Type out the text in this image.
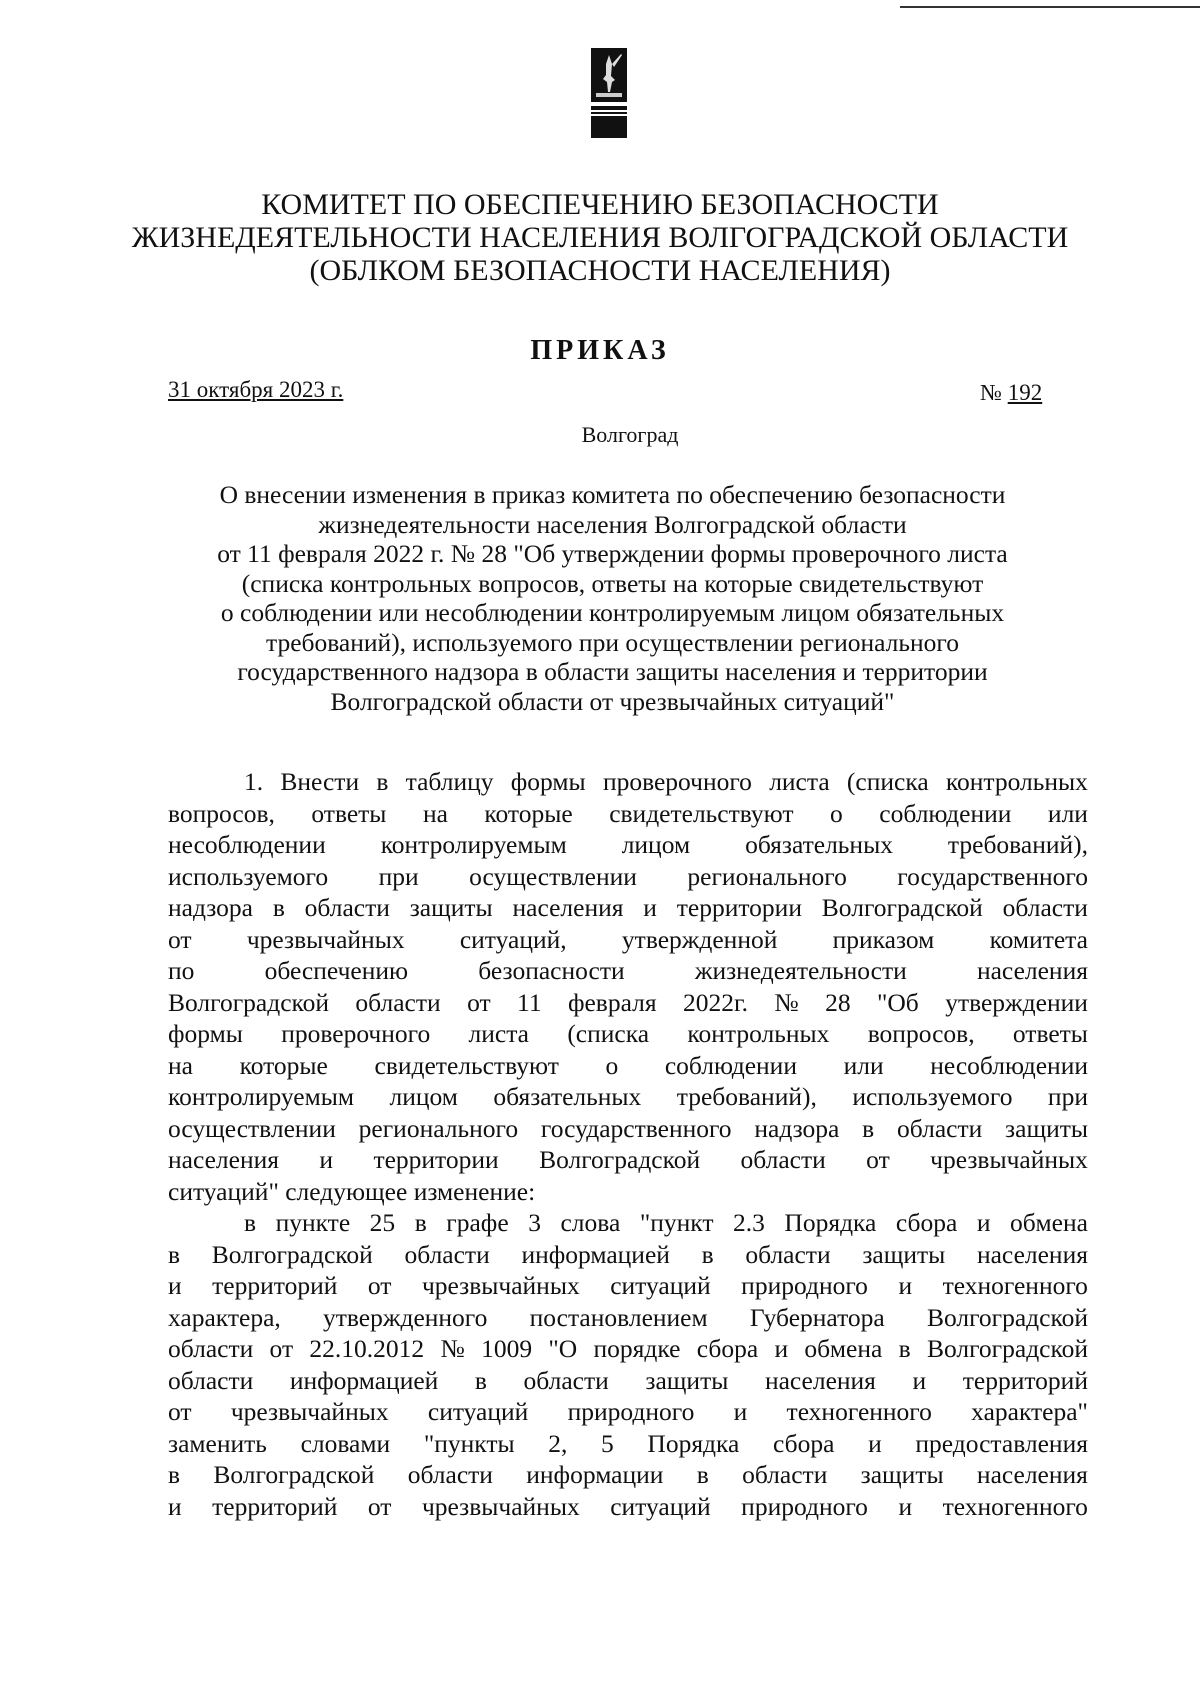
КОМИТЕТ ПО ОБЕСПЕЧЕНИЮ БЕЗОПАСНОСТИ
ЖИЗНЕДЕЯТЕЛЬНОСТИ НАСЕЛЕНИЯ ВОЛГОГРАДСКОЙ ОБЛАСТИ
(ОБЛКОМ БЕЗОПАСНОСТИ НАСЕЛЕНИЯ)
ПРИКАЗ
31 октября 2023 г.	№ 192
Волгоград
О внесении изменения в приказ комитета по обеспечению безопасности
жизнедеятельности населения Волгоградской области
от 11 февраля 2022 г. № 28 "Об утверждении формы проверочного листа
(списка контрольных вопросов, ответы на которые свидетельствуют
о соблюдении или несоблюдении контролируемым лицом обязательных
требований), используемого при осуществлении регионального
государственного надзора в области защиты населения и территории
Волгоградской области от чрезвычайных ситуаций"
1. Внести в таблицу формы проверочного листа (списка контрольных
вопросов, ответы на которые свидетельствуют о соблюдении или
несоблюдении контролируемым лицом обязательных требований),
используемого при осуществлении регионального государственного
надзора в области защиты населения и территории Волгоградской области
от чрезвычайных ситуаций, утвержденной приказом комитета
по	обеспечению	безопасности	жизнедеятельности	населения
Волгоградской области от 11 февраля 2022г. № 28 "Об утверждении
формы проверочного листа (списка контрольных вопросов, ответы
на которые свидетельствуют о соблюдении или несоблюдении
контролируемым лицом обязательных требований), используемого при
осуществлении регионального государственного надзора в области защиты
населения и территории Волгоградской области от чрезвычайных
ситуаций" следующее изменение:
в пункте 25 в графе 3 слова "пункт 2.3 Порядка сбора и обмена
в Волгоградской области информацией в области защиты населения
и территорий от чрезвычайных ситуаций природного и техногенного
характера, утвержденного постановлением Губернатора Волгоградской
области от 22.10.2012 № 1009 "О порядке сбора и обмена в Волгоградской
области информацией в области защиты населения и территорий
от чрезвычайных ситуаций природного и техногенного характера"
заменить словами "пункты 2, 5 Порядка сбора и предоставления
в Волгоградской области информации в области защиты населения
и территорий от чрезвычайных ситуаций природного и техногенного
